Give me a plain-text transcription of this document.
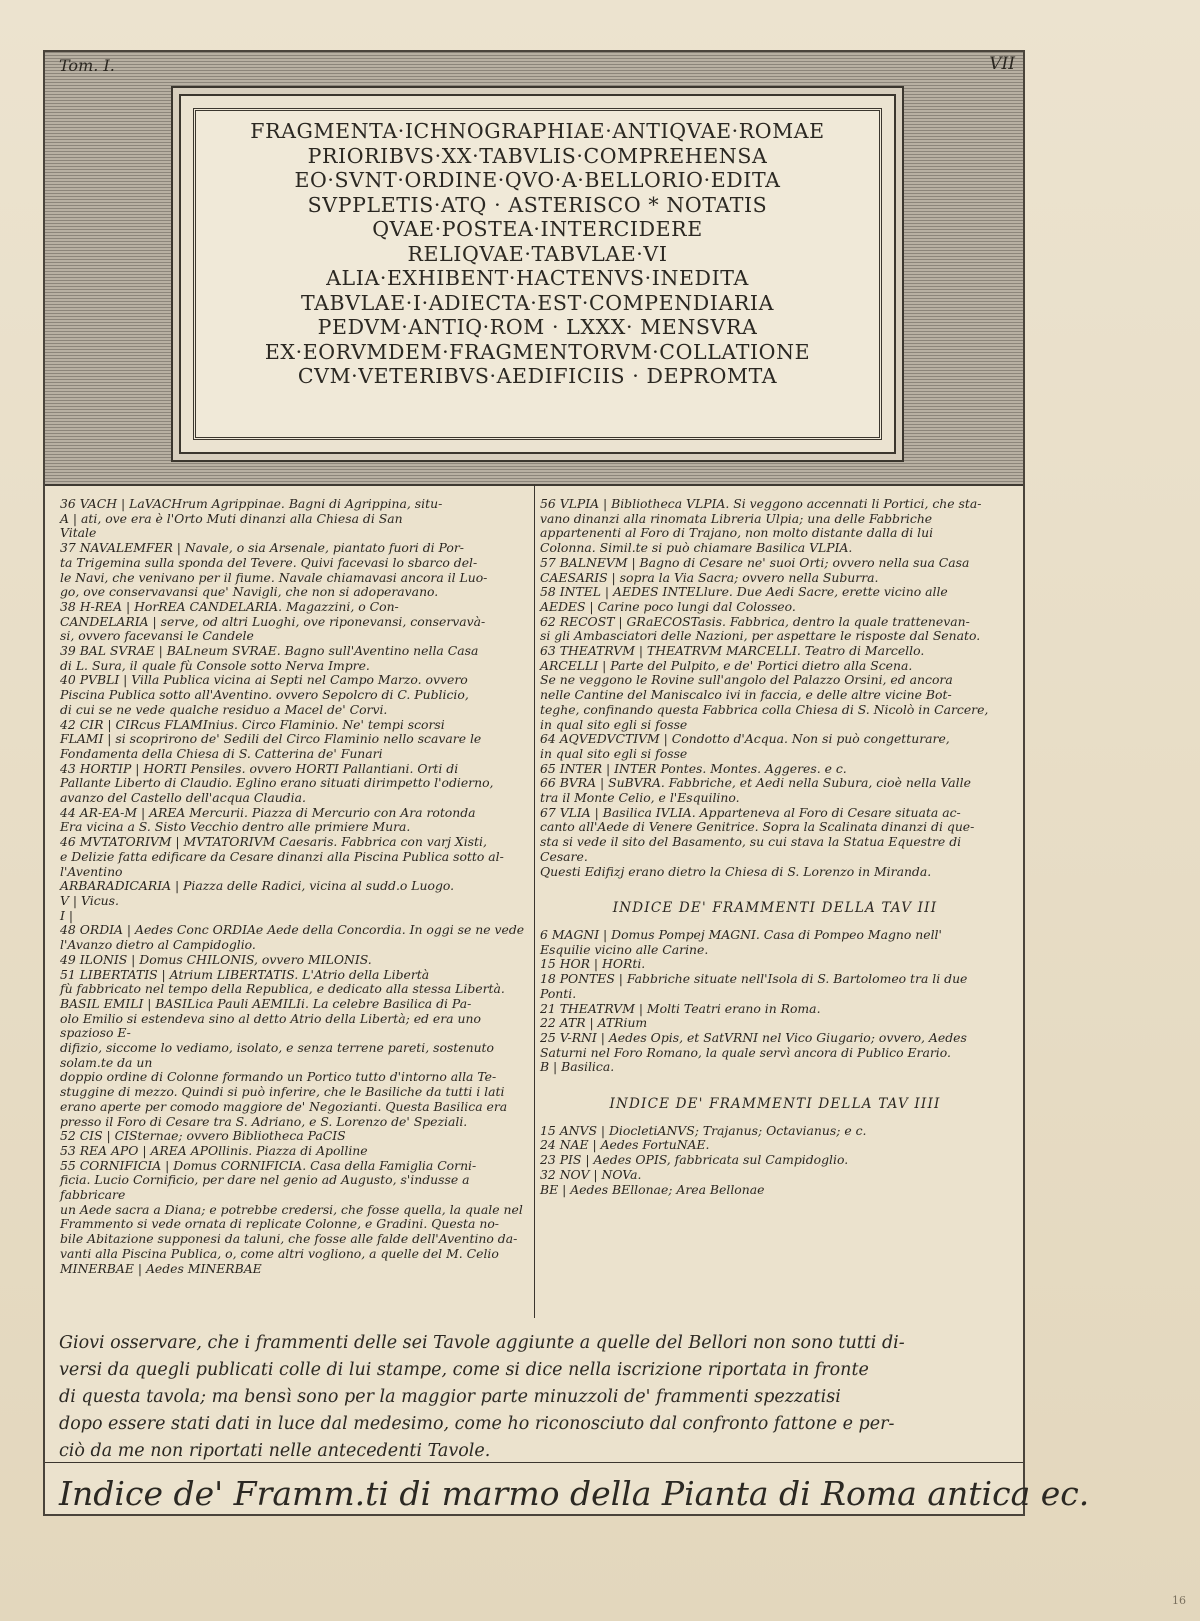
Tom. I.	VII
FRAGMENTA·ICHNOGRAPHIAE·ANTIQVAE·ROMAE
PRIORIBVS·XX·TABVLIS·COMPREHENSA
EO·SVNT·ORDINE·QVO·A·BELLORIO·EDITA
SVPPLETIS·ATQ · ASTERISCO * NOTATIS
QVAE·POSTEA·INTERCIDERE
RELIQVAE·TABVLAE·VI
ALIA·EXHIBENT·HACTENVS·INEDITA
TABVLAE·I·ADIECTA·EST·COMPENDIARIA
PEDVM·ANTIQ·ROM · LXXX· MENSVRA
EX·EORVMDEM·FRAGMENTORVM·COLLATIONE
CVM·VETERIBVS·AEDIFICIIS · DEPROMTA
36 VACH | LaVACHrum Agrippinae. Bagni di Agrippina, situ-
A | ati, ove era è l'Orto Muti dinanzi alla Chiesa di San
Vitale
37 NAVALEMFER | Navale, o sia Arsenale, piantato fuori di Por-
ta Trigemina sulla sponda del Tevere. Quivi facevasi lo sbarco del-
le Navi, che venivano per il fiume. Navale chiamavasi ancora il Luo-
go, ove conservavansi que' Navigli, che non si adoperavano.
38 H-REA | HorREA CANDELARIA. Magazzini, o Con-
CANDELARIA | serve, od altri Luoghi, ove riponevansi, conservavà-
si, ovvero facevansi le Candele
39 BAL SVRAE | BALneum SVRAE. Bagno sull'Aventino nella Casa
di L. Sura, il quale fù Console sotto Nerva Impre.
40 PVBLI | Villa Publica vicina ai Septi nel Campo Marzo. ovvero
Piscina Publica sotto all'Aventino. ovvero Sepolcro di C. Publicio,
di cui se ne vede qualche residuo a Macel de' Corvi.
42 CIR | CIRcus FLAMInius. Circo Flaminio. Ne' tempi scorsi
FLAMI | si scoprirono de' Sedili del Circo Flaminio nello scavare le
Fondamenta della Chiesa di S. Catterina de' Funari
43 HORTIP | HORTI Pensiles. ovvero HORTI Pallantiani. Orti di
Pallante Liberto di Claudio. Eglino erano situati dirimpetto l'odierno,
avanzo del Castello dell'acqua Claudia.
44 AR-EA-M | AREA Mercurii. Piazza di Mercurio con Ara rotonda
Era vicina a S. Sisto Vecchio dentro alle primiere Mura.
46 MVTATORIVM | MVTATORIVM Caesaris. Fabbrica con varj Xisti,
e Delizie fatta edificare da Cesare dinanzi alla Piscina Publica sotto al-
l'Aventino
ARBARADICARIA | Piazza delle Radici, vicina al sudd.o Luogo.
V | Vicus.
I |
48 ORDIA | Aedes Conc ORDIAe Aede della Concordia. In oggi se ne vede
l'Avanzo dietro al Campidoglio.
49 ILONIS | Domus CHILONIS, ovvero MILONIS.
51 LIBERTATIS | Atrium LIBERTATIS. L'Atrio della Libertà
fù fabbricato nel tempo della Republica, e dedicato alla stessa Libertà.
BASIL EMILI | BASILica Pauli AEMILIi. La celebre Basilica di Pa-
olo Emilio si estendeva sino al detto Atrio della Libertà; ed era uno spazioso E-
difizio, siccome lo vediamo, isolato, e senza terrene pareti, sostenuto solam.te da un
doppio ordine di Colonne formando un Portico tutto d'intorno alla Te-
stuggine di mezzo. Quindi si può inferire, che le Basiliche da tutti i lati
erano aperte per comodo maggiore de' Negozianti. Questa Basilica era
presso il Foro di Cesare tra S. Adriano, e S. Lorenzo de' Speziali.
52 CIS | CISternae; ovvero Bibliotheca PaCIS
53 REA APO | AREA APOllinis. Piazza di Apolline
55 CORNIFICIA | Domus CORNIFICIA. Casa della Famiglia Corni-
ficia. Lucio Cornificio, per dare nel genio ad Augusto, s'indusse a fabbricare
un Aede sacra a Diana; e potrebbe credersi, che fosse quella, la quale nel
Frammento si vede ornata di replicate Colonne, e Gradini. Questa no-
bile Abitazione supponesi da taluni, che fosse alle falde dell'Aventino da-
vanti alla Piscina Publica, o, come altri vogliono, a quelle del M. Celio
MINERBAE | Aedes MINERBAE
56 VLPIA | Bibliotheca VLPIA. Si veggono accennati li Portici, che sta-
vano dinanzi alla rinomata Libreria Ulpia; una delle Fabbriche
appartenenti al Foro di Trajano, non molto distante dalla di lui
Colonna. Simil.te si può chiamare Basilica VLPIA.
57 BALNEVM | Bagno di Cesare ne' suoi Orti; ovvero nella sua Casa
CAESARIS | sopra la Via Sacra; ovvero nella Suburra.
58 INTEL | AEDES INTELlure. Due Aedi Sacre, erette vicino alle
AEDES | Carine poco lungi dal Colosseo.
62 RECOST | GRaECOSTasis. Fabbrica, dentro la quale trattenevan-
si gli Ambasciatori delle Nazioni, per aspettare le risposte dal Senato.
63 THEATRVM | THEATRVM MARCELLI. Teatro di Marcello.
ARCELLI | Parte del Pulpito, e de' Portici dietro alla Scena.
Se ne veggono le Rovine sull'angolo del Palazzo Orsini, ed ancora
nelle Cantine del Maniscalco ivi in faccia, e delle altre vicine Bot-
teghe, confinando questa Fabbrica colla Chiesa di S. Nicolò in Carcere,
in qual sito egli si fosse
64 AQVEDVCTIVM | Condotto d'Acqua. Non si può congetturare,
in qual sito egli si fosse
65 INTER | INTER Pontes. Montes. Aggeres. e c.
66 BVRA | SuBVRA. Fabbriche, et Aedi nella Subura, cioè nella Valle
tra il Monte Celio, e l'Esquilino.
67 VLIA | Basilica IVLIA. Apparteneva al Foro di Cesare situata ac-
canto all'Aede di Venere Genitrice. Sopra la Scalinata dinanzi di que-
sta si vede il sito del Basamento, su cui stava la Statua Equestre di Cesare.
Questi Edifizj erano dietro la Chiesa di S. Lorenzo in Miranda.
INDICE DE' FRAMMENTI DELLA TAV III
6 MAGNI | Domus Pompej MAGNI. Casa di Pompeo Magno nell'
Esquilie vicino alle Carine.
15 HOR | HORti.
18 PONTES | Fabbriche situate nell'Isola di S. Bartolomeo tra li due
Ponti.
21 THEATRVM | Molti Teatri erano in Roma.
22 ATR | ATRium
25 V-RNI | Aedes Opis, et SatVRNI nel Vico Giugario; ovvero, Aedes
Saturni nel Foro Romano, la quale servì ancora di Publico Erario.
B | Basilica.
INDICE DE' FRAMMENTI DELLA TAV IIII
15 ANVS | DiocletiANVS; Trajanus; Octavianus; e c.
24 NAE | Aedes FortuNAE.
23 PIS | Aedes OPIS, fabbricata sul Campidoglio.
32 NOV | NOVa.
BE | Aedes BEllonae; Area Bellonae
Giovi osservare, che i frammenti delle sei Tavole aggiunte a quelle del Bellori non sono tutti di-
versi da quegli publicati colle di lui stampe, come si dice nella iscrizione riportata in fronte
di questa tavola; ma bensì sono per la maggior parte minuzzoli de' frammenti spezzatisi
dopo essere stati dati in luce dal medesimo, come ho riconosciuto dal confronto fattone e per-
ciò da me non riportati nelle antecedenti Tavole.
Indice de' Framm.ti di marmo della Pianta di Roma antica ec.
16
